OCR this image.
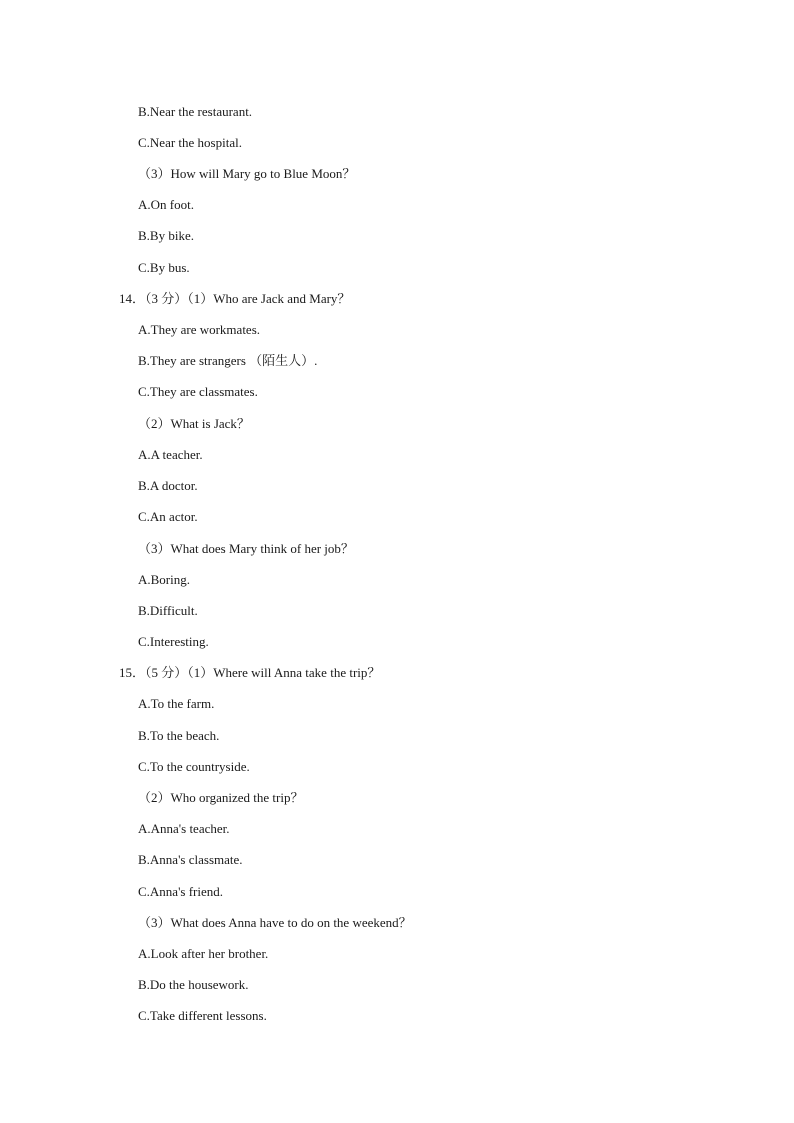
B.Near the restaurant.
C.Near the hospital.
（3）How will Mary go to Blue Moon？
A.On foot.
B.By bike.
C.By bus.
14．（3 分）（1）Who are Jack and Mary？
A.They are workmates.
B.They are strangers （陌生人）.
C.They are classmates.
（2）What is Jack？
A.A teacher.
B.A doctor.
C.An actor.
（3）What does Mary think of her job？
A.Boring.
B.Difficult.
C.Interesting.
15．（5 分）（1）Where will Anna take the trip？
A.To the farm.
B.To the beach.
C.To the countryside.
（2）Who organized the trip？
A.Anna's teacher.
B.Anna's classmate.
C.Anna's friend.
（3）What does Anna have to do on the weekend？
A.Look after her brother.
B.Do the housework.
C.Take different lessons.
